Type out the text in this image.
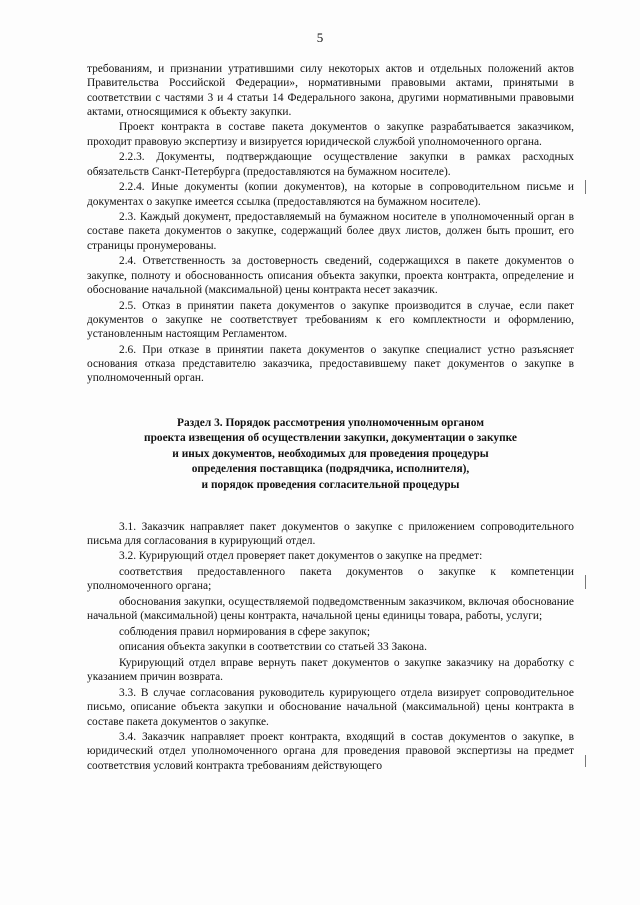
5

требованиям, и признании утратившими силу некоторых актов и отдельных положений актов Правительства Российской Федерации», нормативными правовыми актами, принятыми в соответствии с частями 3 и 4 статьи 14 Федерального закона, другими нормативными правовыми актами, относящимися к объекту закупки.

Проект контракта в составе пакета документов о закупке разрабатывается заказчиком, проходит правовую экспертизу и визируется юридической службой уполномоченного органа.

2.2.3. Документы, подтверждающие осуществление закупки в рамках расходных обязательств Санкт-Петербурга (предоставляются на бумажном носителе).

2.2.4. Иные документы (копии документов), на которые в сопроводительном письме и документах о закупке имеется ссылка (предоставляются на бумажном носителе).

2.3. Каждый документ, предоставляемый на бумажном носителе в уполномоченный орган в составе пакета документов о закупке, содержащий более двух листов, должен быть прошит, его страницы пронумерованы.

2.4. Ответственность за достоверность сведений, содержащихся в пакете документов о закупке, полноту и обоснованность описания объекта закупки, проекта контракта, определение и обоснование начальной (максимальной) цены контракта несет заказчик.

2.5. Отказ в принятии пакета документов о закупке производится в случае, если пакет документов о закупке не соответствует требованиям к его комплектности и оформлению, установленным настоящим Регламентом.

2.6. При отказе в принятии пакета документов о закупке специалист устно разъясняет основания отказа представителю заказчика, предоставившему пакет документов о закупке в уполномоченный орган.

Раздел 3. Порядок рассмотрения уполномоченным органом
проекта извещения об осуществлении закупки, документации о закупке
и иных документов, необходимых для проведения процедуры
определения поставщика (подрядчика, исполнителя),
и порядок проведения согласительной процедуры

3.1. Заказчик направляет пакет документов о закупке с приложением сопроводительного письма для согласования в курирующий отдел.

3.2. Курирующий отдел проверяет пакет документов о закупке на предмет:

соответствия предоставленного пакета документов о закупке к компетенции уполномоченного органа;

обоснования закупки, осуществляемой подведомственным заказчиком, включая обоснование начальной (максимальной) цены контракта, начальной цены единицы товара, работы, услуги;

соблюдения правил нормирования в сфере закупок;

описания объекта закупки в соответствии со статьей 33 Закона.

Курирующий отдел вправе вернуть пакет документов о закупке заказчику на доработку с указанием причин возврата.

3.3. В случае согласования руководитель курирующего отдела визирует сопроводительное письмо, описание объекта закупки и обоснование начальной (максимальной) цены контракта в составе пакета документов о закупке.

3.4. Заказчик направляет проект контракта, входящий в состав документов о закупке, в юридический отдел уполномоченного органа для проведения правовой экспертизы на предмет соответствия условий контракта требованиям действующего
